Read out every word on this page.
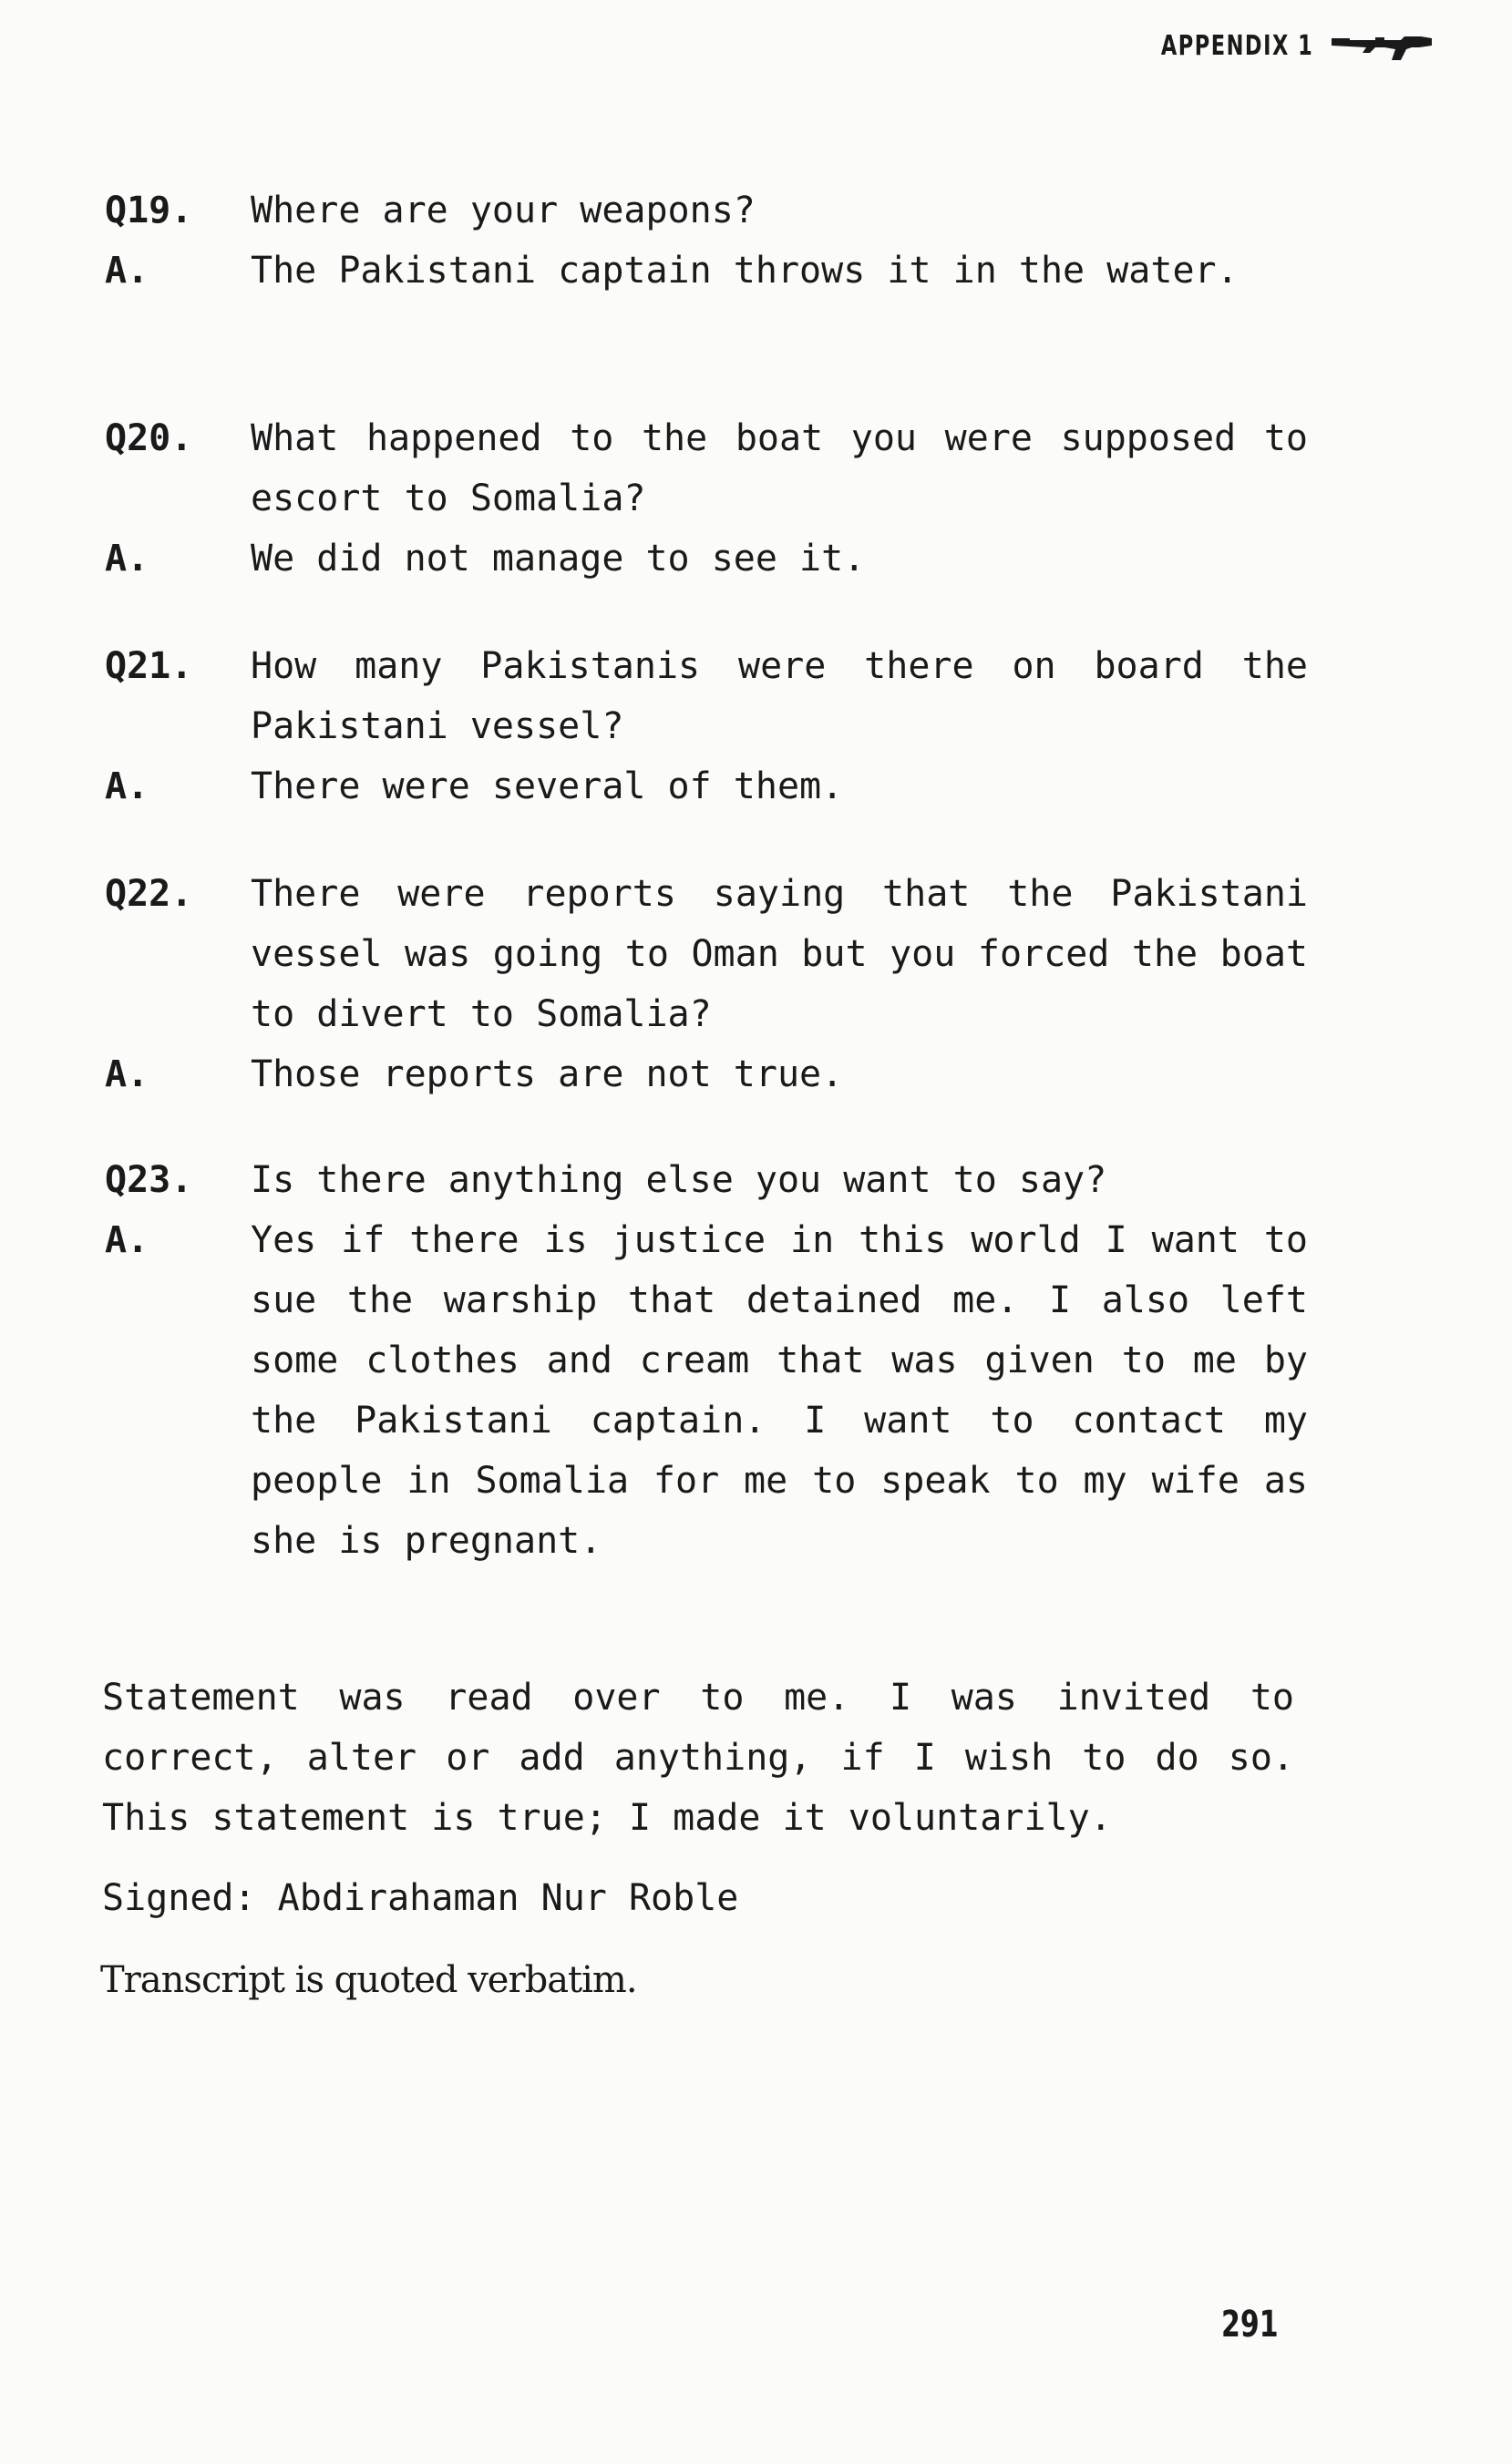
APPENDIX 1
Q19.	Where are your weapons?
A.	The Pakistani captain throws it in the water.
Q20.	What happened to the boat you were supposed to escort to Somalia?
A.	We did not manage to see it.
Q21.	How many Pakistanis were there on board the Pakistani vessel?
A.	There were several of them.
Q22.	There were reports saying that the Pakistani vessel was going to Oman but you forced the boat to divert to Somalia?
A.	Those reports are not true.
Q23.	Is there anything else you want to say?
A.	Yes if there is justice in this world I want to sue the warship that detained me. I also left some clothes and cream that was given to me by the Pakistani captain. I want to contact my people in Somalia for me to speak to my wife as she is pregnant.
Statement was read over to me. I was invited to correct, alter or add anything, if I wish to do so. This statement is true; I made it voluntarily.
Signed: Abdirahaman Nur Roble
Transcript is quoted verbatim.
291
